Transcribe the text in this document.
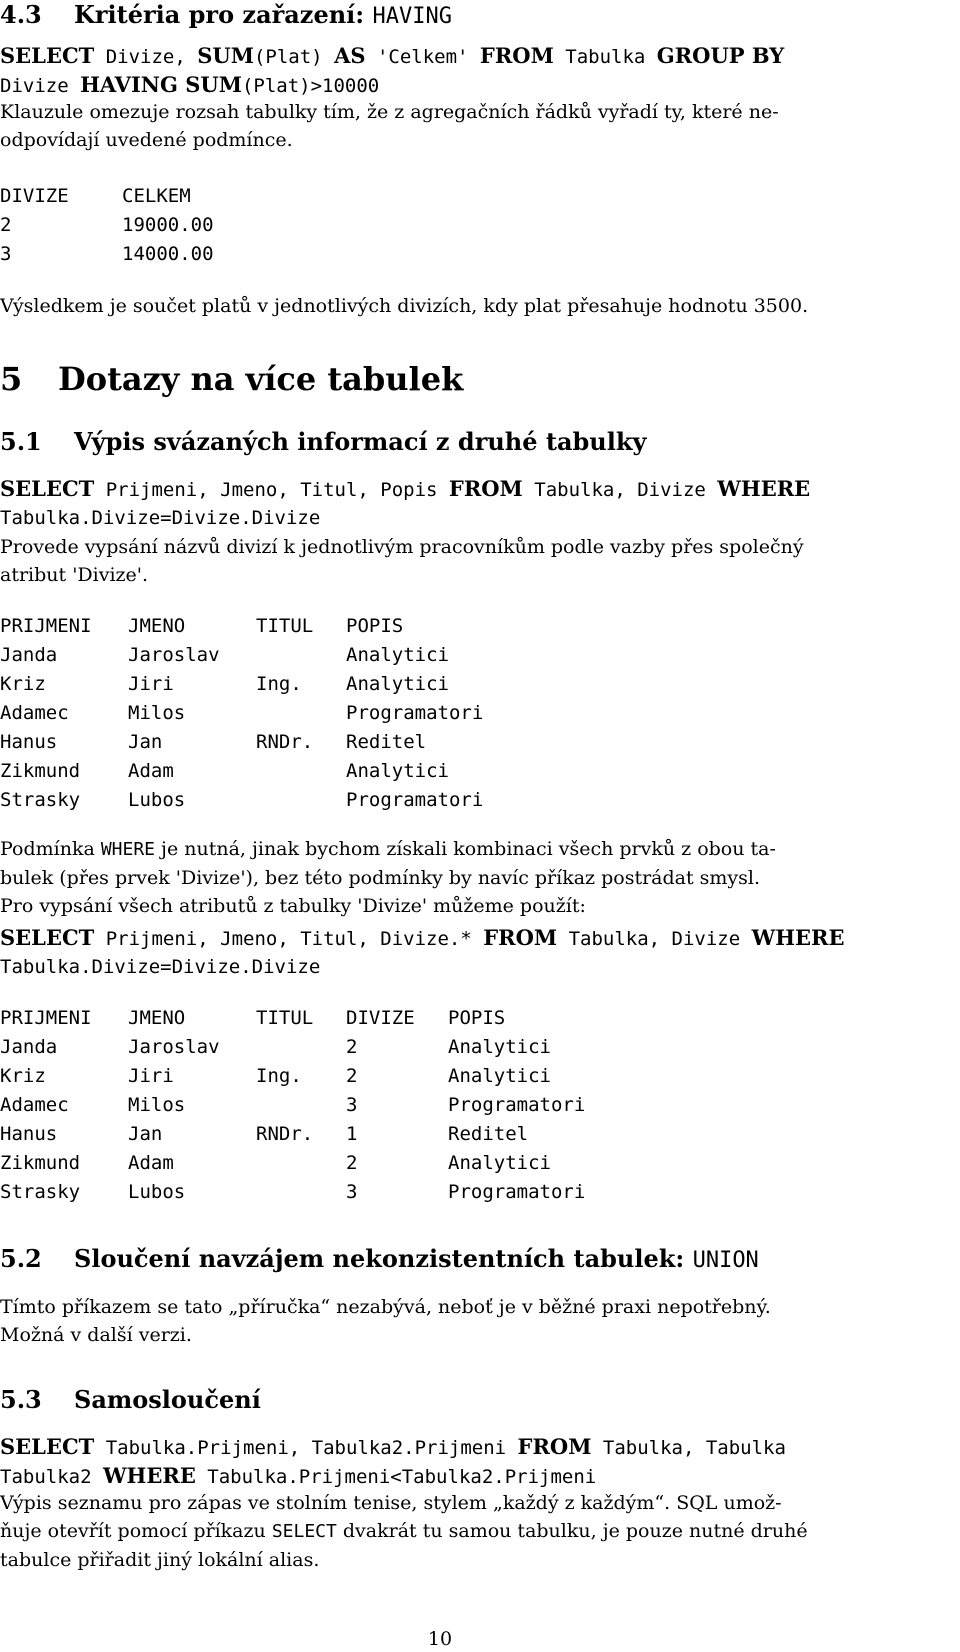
4.3 Kritéria pro zařazení: HAVING
SELECT Divize, SUM(Plat) AS 'Celkem' FROM Tabulka GROUP BY
Divize HAVING SUM(Plat)>10000
Klauzule omezuje rozsah tabulky tím, že z agregačních řádků vyřadí ty, které ne-
odpovídají uvedené podmínce.
DIVIZE	CELKEM
2	19000.00
3	14000.00
Výsledkem je součet platů v jednotlivých divizích, kdy plat přesahuje hodnotu 3500.
5 Dotazy na více tabulek
5.1 Výpis svázaných informací z druhé tabulky
SELECT Prijmeni, Jmeno, Titul, Popis FROM Tabulka, Divize WHERE
Tabulka.Divize=Divize.Divize
Provede vypsání názvů divizí k jednotlivým pracovníkům podle vazby přes společný
atribut 'Divize'.
PRIJMENI	JMENO	TITUL	POPIS
Janda	Jaroslav		Analytici
Kriz	Jiri	Ing.	Analytici
Adamec	Milos		Programatori
Hanus	Jan	RNDr.	Reditel
Zikmund	Adam		Analytici
Strasky	Lubos		Programatori
Podmínka WHERE je nutná, jinak bychom získali kombinaci všech prvků z obou ta-
bulek (přes prvek 'Divize'), bez této podmínky by navíc příkaz postrádat smysl.
Pro vypsání všech atributů z tabulky 'Divize' můžeme použít:
SELECT Prijmeni, Jmeno, Titul, Divize.* FROM Tabulka, Divize WHERE
Tabulka.Divize=Divize.Divize
PRIJMENI	JMENO	TITUL	DIVIZE	POPIS
Janda	Jaroslav		2	Analytici
Kriz	Jiri	Ing.	2	Analytici
Adamec	Milos		3	Programatori
Hanus	Jan	RNDr.	1	Reditel
Zikmund	Adam		2	Analytici
Strasky	Lubos		3	Programatori
5.2 Sloučení navzájem nekonzistentních tabulek: UNION
Tímto příkazem se tato „příručka“ nezabývá, neboť je v běžné praxi nepotřebný.
Možná v další verzi.
5.3 Samosloučení
SELECT Tabulka.Prijmeni, Tabulka2.Prijmeni FROM Tabulka, Tabulka
Tabulka2 WHERE Tabulka.Prijmeni<Tabulka2.Prijmeni
Výpis seznamu pro zápas ve stolním tenise, stylem „každý z každým“. SQL umož-
ňuje otevřít pomocí příkazu SELECT dvakrát tu samou tabulku, je pouze nutné druhé
tabulce přiřadit jiný lokální alias.
10
